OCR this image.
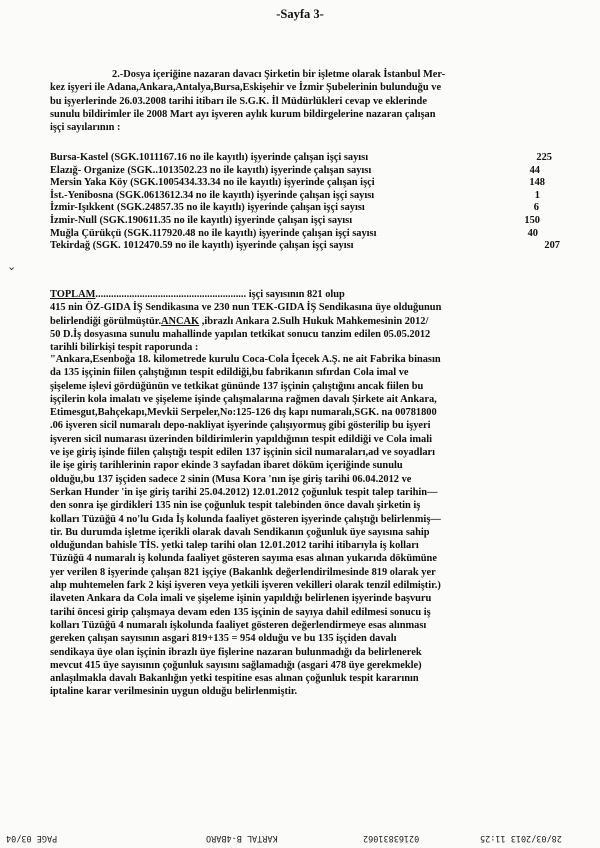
-Sayfa 3-
2.-Dosya içeriğine nazaran davacı Şirketin bir işletme olarak İstanbul Mer-
kez işyeri ile Adana,Ankara,Antalya,Bursa,Eskişehir ve İzmir Şubelerinin bulunduğu ve
bu işyerlerinde 26.03.2008 tarihi itibarı ile S.G.K. İl Müdürlükleri cevap ve eklerinde
sunulu bildirimler ile 2008 Mart ayı işveren aylık kurum bildirgelerine nazaran çalışan
işçi sayılarının :
Bursa-Kastel (SGK.1011167.16 no ile kayıtlı) işyerinde çalışan işçi sayısı	225
Elazığ- Organize (SGK..1013502.23 no ile kayıtlı) işyerinde çalışan sayısı	44
Mersin Yaka Köy (SGK.1005434.33.34 no ile kayıtlı) işyerinde çalışan işçi	148
İst.-Yenibosna (SGK.0613612.34 no ile kayıtlı) işyerinde çalışan işçi sayısı	1
İzmir-Işıkkent (SGK.24857.35 no ile kayıtlı) işyerinde çalışan işçi sayısı	6
İzmir-Null (SGK.190611.35 no ile kayıtlı) işyerinde çalışan işçi sayısı	150
Muğla Çürükçü (SGK.117920.48 no ile kayıtlı) işyerinde çalışan işçi sayısı	40
Tekirdağ (SGK. 1012470.59 no ile kayıtlı) işyerinde çalışan işçi sayısı	207
⌄
TOPLAM.......................................................... işçi sayısının 821 olup
415 nin ÖZ-GIDA İŞ Sendikasına ve 230 nun TEK-GIDA İŞ Sendikasına üye olduğunun
belirlendiği görülmüştür.ANCAK ,ibrazlı Ankara 2.Sulh Hukuk Mahkemesinin 2012/
50 D.İş dosyasına sunulu mahallinde yapılan tetkikat sonucu tanzim edilen 05.05.2012
tarihli bilirkişi tespit raporunda :
"Ankara,Esenboğa 18. kilometrede kurulu Coca-Cola İçecek A.Ş. ne ait Fabrika binasın
da 135 işçinin fiilen çalıştığının tespit edildiği,bu fabrikanın sıfırdan Cola imal ve
şişeleme işlevi gördüğünün ve tetkikat gününde 137 işçinin çalıştığını ancak fiilen bu
işçilerin kola imalatı ve şişeleme işinde çalışmalarına rağmen davalı Şirkete ait Ankara,
Etimesgut,Bahçekapı,Mevkii Serpeler,No:125-126 dış kapı numaralı,SGK. na 00781800
.06 işveren sicil numaralı depo-nakliyat işyerinde çalışıyormuş gibi gösterilip bu işyeri
işveren sicil numarası üzerinden bildirimlerin yapıldığının tespit edildiği ve Cola imali
ve işe giriş işinde fiilen çalıştığı tespit edilen 137 işçinin sicil numaraları,ad ve soyadları
ile işe giriş tarihlerinin rapor ekinde 3 sayfadan ibaret döküm içeriğinde sunulu
olduğu,bu 137 işçiden sadece 2 sinin (Musa Kora 'nın işe giriş tarihi 06.04.2012 ve
Serkan Hunder 'in işe giriş tarihi 25.04.2012) 12.01.2012 çoğunluk tespit talep tarihin—
den sonra işe girdikleri 135 nin ise çoğunluk tespit talebinden önce davalı şirketin iş
kolları Tüzüğü 4 no'lu Gıda İş kolunda faaliyet gösteren işyerinde çalıştığı belirlenmiş—
tir. Bu durumda işletme içerikli olarak davalı Sendikanın çoğunluk üye sayısına sahip
olduğundan bahisle TİS. yetki talep tarihi olan 12.01.2012 tarihi itibarıyla iş kolları
Tüzüğü 4 numaralı iş kolunda faaliyet gösteren sayıma esas alınan yukarıda dökümüne
yer verilen 8 işyerinde çalışan 821 işçiye (Bakanlık değerlendirilmesinde 819 olarak yer
alıp muhtemelen fark 2 kişi işveren veya yetkili işveren vekilleri olarak tenzil edilmiştir.)
ilaveten Ankara da Cola imali ve şişeleme işinin yapıldığı belirlenen işyerinde başvuru
tarihi öncesi girip çalışmaya devam eden 135 işçinin de sayıya dahil edilmesi sonucu iş
kolları Tüzüğü 4 numaralı işkolunda faaliyet gösteren değerlendirmeye esas alınması
gereken çalışan sayısının asgari 819+135 = 954 olduğu ve bu 135 işçiden davalı
sendikaya üye olan işçinin ibrazlı üye fişlerine nazaran bulunmadığı da belirlenerek
mevcut 415 üye sayısının çoğunluk sayısını sağlamadığı (asgari 478 üye gerekmekle)
anlaşılmakla davalı Bakanlığın yetki tespitine esas alınan çoğunluk tespit kararının
iptaline karar verilmesinin uygun olduğu belirlenmiştir.
PAGE 03/04	KARTAL B-4BARO	02163831062	28/03/2013 11:25
